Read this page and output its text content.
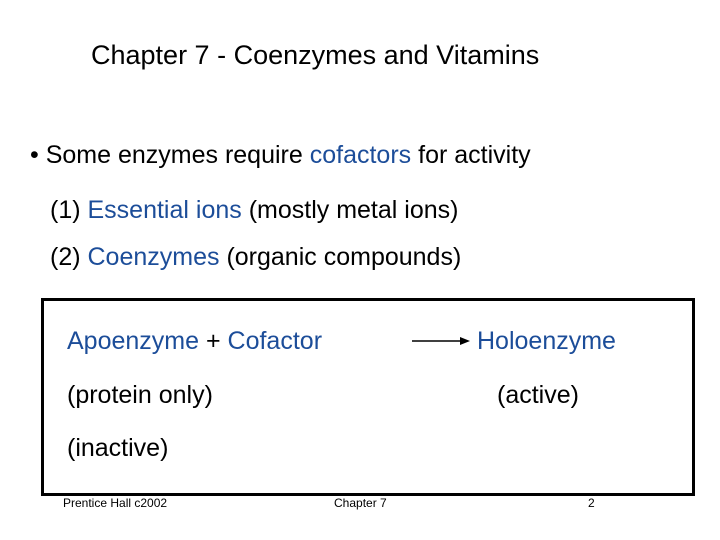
Chapter 7 - Coenzymes and Vitamins
• Some enzymes require cofactors for activity
(1) Essential ions (mostly metal ions)
(2) Coenzymes (organic compounds)
Apoenzyme + Cofactor	Holoenzyme
(protein only)	(active)
(inactive)
Prentice Hall c2002	Chapter 7	2
